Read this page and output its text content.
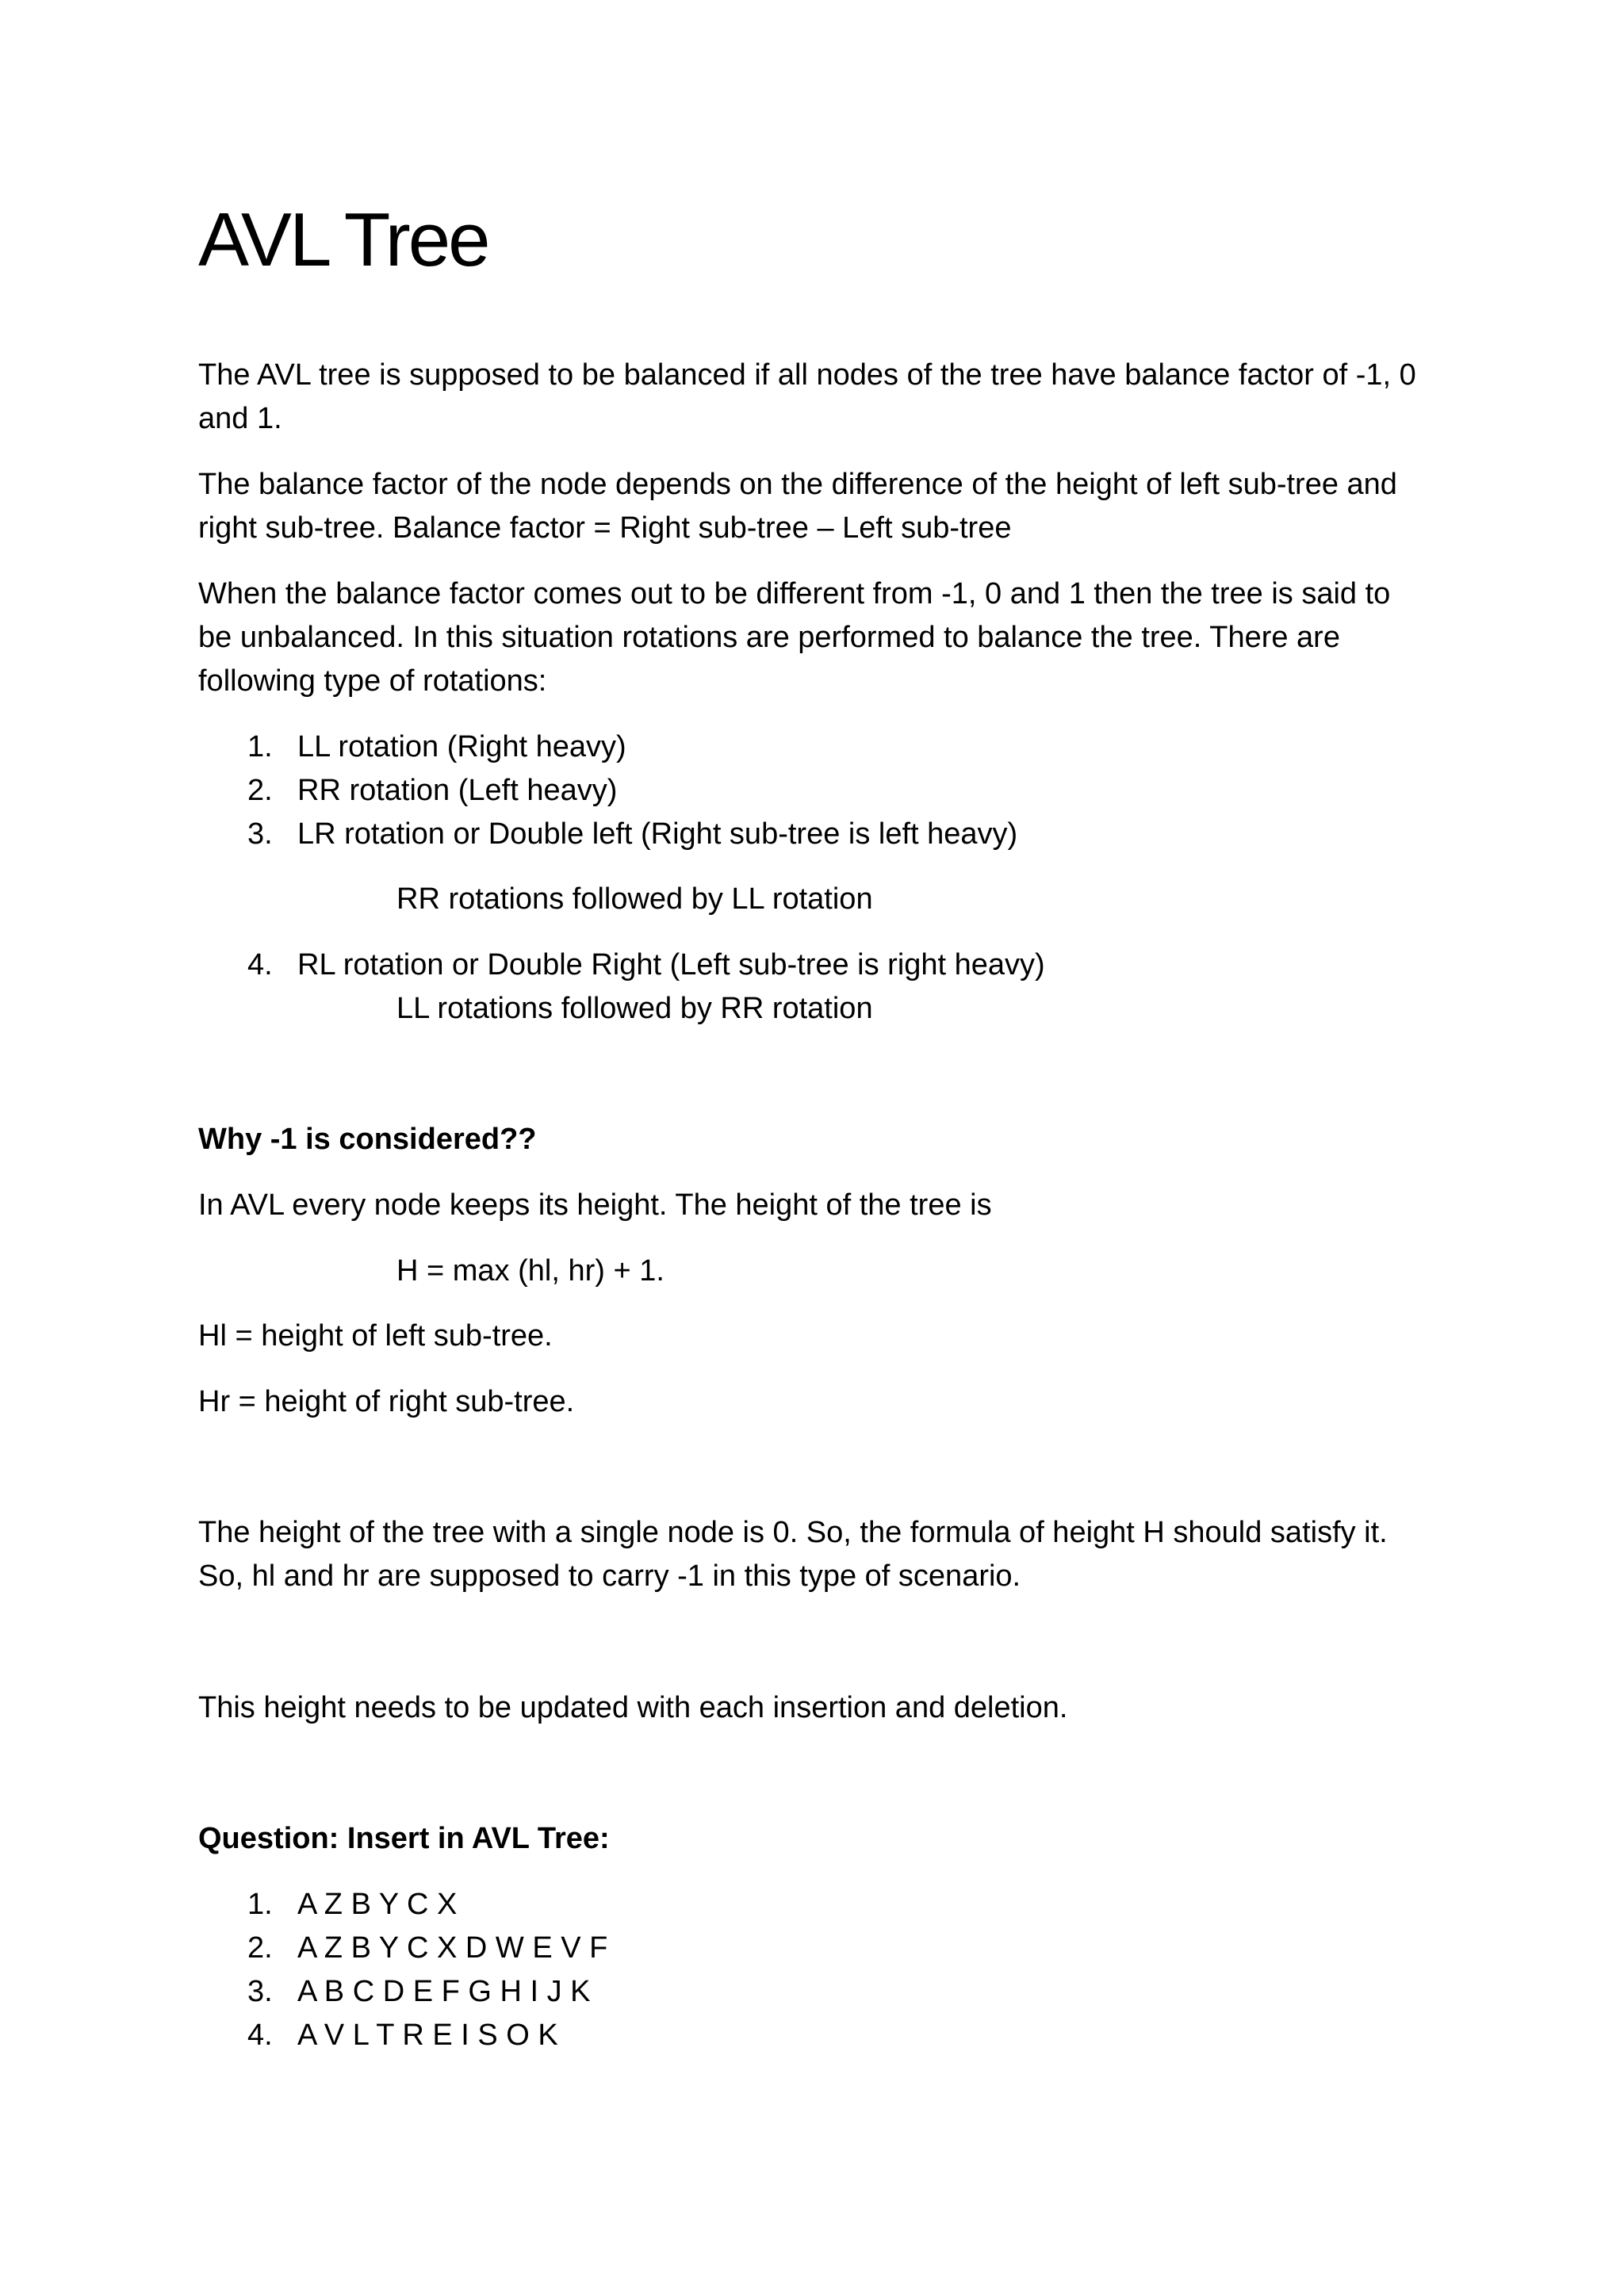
AVL Tree

The AVL tree is supposed to be balanced if all nodes of the tree have balance factor of -1, 0

and 1.

The balance factor of the node depends on the difference of the height of left sub-tree and

right sub-tree. Balance factor = Right sub-tree – Left sub-tree

When the balance factor comes out to be different from -1, 0 and 1 then the tree is said to

be unbalanced. In this situation rotations are performed to balance the tree. There are

following type of rotations:

1. LL rotation (Right heavy)
2. RR rotation (Left heavy)
3. LR rotation or Double left (Right sub-tree is left heavy)

RR rotations followed by LL rotation

4. RL rotation or Double Right (Left sub-tree is right heavy)

LL rotations followed by RR rotation

Why -1 is considered??

In AVL every node keeps its height. The height of the tree is

H = max (hl, hr) + 1.

Hl = height of left sub-tree.

Hr = height of right sub-tree.

The height of the tree with a single node is 0. So, the formula of height H should satisfy it.

So, hl and hr are supposed to carry -1 in this type of scenario.

This height needs to be updated with each insertion and deletion.

Question: Insert in AVL Tree:

1. A Z B Y C X
2. A Z B Y C X D W E V F
3. A B C D E F G H I J K
4. A V L T R E I S O K
